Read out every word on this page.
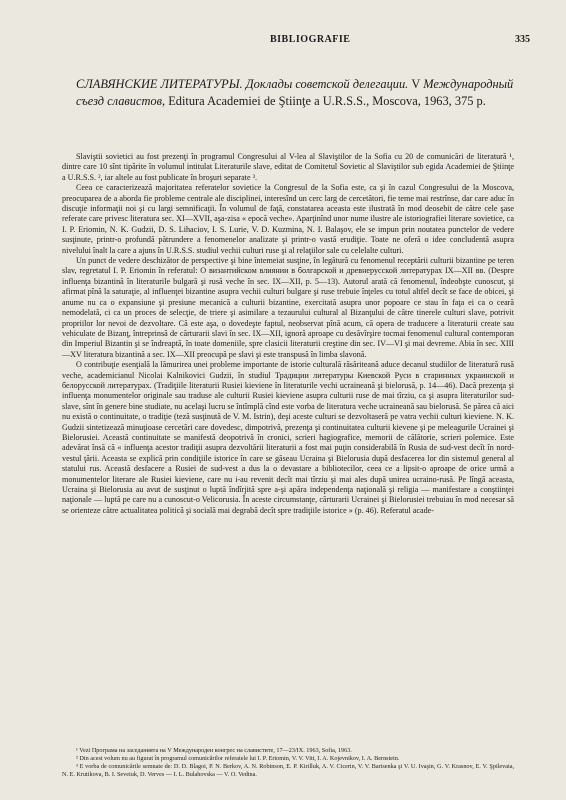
BIBLIOGRAFIE	335
СЛАВЯНСКИЕ ЛИТЕРАТУРЫ. Доклады советской делегации. V Международный съезд славистов, Editura Academiei de Ştiinţe a U.R.S.S., Moscova, 1963, 375 p.

Slaviştii sovietici au fost prezenţi în programul Congresului al V-lea al Slaviştilor de la Sofia cu 20 de comunicări de literatură ¹, dintre care 10 sînt tipărite în volumul intitulat Literaturile slave, editat de Comitetul Sovietic al Slaviştilor sub egida Academiei de Ştiinţe a U.R.S.S. ², iar altele au fost publicate în broşuri separate ³.

Ceea ce caracterizează majoritatea referatelor sovietice la Congresul de la Sofia este, ca şi în cazul Congresului de la Moscova, preocuparea de a aborda fie probleme centrale ale disciplinei, interesînd un cerc larg de cercetători, fie teme mai restrînse, dar care aduc în discuţie informaţii noi şi cu largi semnificaţii. În volumul de faţă, constatarea aceasta este ilustrată în mod deosebit de către cele şase referate care privesc literatura sec. XI—XVII, aşa-zisa « epocă veche». Aparţinînd unor nume ilustre ale istoriografiei literare sovietice, ca I. P. Eriomin, N. K. Gudzii, D. S. Lihaciov, I. S. Lurie, V. D. Kuzmina, N. I. Balaşov, ele se impun prin noutatea punctelor de vedere susţinute, printr-o profundă pătrundere a fenomenelor analizate şi printr-o vastă erudiţie. Toate ne oferă o idee concludentă asupra nivelului înalt la care a ajuns în U.R.S.S. studiul vechii culturi ruse şi al relaţiilor sale cu celelalte culturi.

Un punct de vedere deschizător de perspective şi bine întemeiat susţine, în legătură cu fenomenul receptării culturii bizantine pe teren slav, regretatul I. P. Eriomin în referatul: О византийском влиянии в болгарской и древнерусской литературах IX—XII вв. (Despre influenţa bizantină în literaturile bulgară şi rusă veche în sec. IX—XII, p. 5—13). Autorul arată că fenomenul, îndeobşte cunoscut, şi afirmat pînă la saturaţie, al influenţei bizantine asupra vechii culturi bulgare şi ruse trebuie înţeles cu totul altfel decît se face de obicei, şi anume nu ca o expansiune şi presiune mecanică a culturii bizantine, exercitată asupra unor popoare ce stau în faţa ei ca o ceară nemodelată, ci ca un proces de selecţie, de triere şi asimilare a tezaurului cultural al Bizanţului de către tinerele culturi slave, potrivit propriilor lor nevoi de dezvoltare. Că este aşa, o dovedeşte faptul, neobservat pînă acum, că opera de traducere a literaturii create sau vehiculate de Bizanţ, întreprinsă de cărturarii slavi în sec. IX—XII, ignoră aproape cu desăvîrşire tocmai fenomenul cultural contemporan din Imperiul Bizantin şi se îndreaptă, în toate domeniile, spre clasicii literaturii creştine din sec. IV—VI şi mai devreme. Abia în sec. XIII—XV literatura bizantină a sec. IX—XII preocupă pe slavi şi este transpusă în limba slavonă.

O contribuţie esenţială la lămurirea unei probleme importante de istorie culturală răsăriteană aduce decanul studiilor de literatură rusă veche, academicianul Nicolai Kalnikovici Gudzii, în studiul Традиции литературы Киевской Руси в старинных украинской и белорусской литературах. (Tradiţiile literaturii Rusiei kieviene în literaturile vechi ucraineană şi bielorusă, p. 14—46). Dacă prezenţa şi influenţa monumentelor originale sau traduse ale culturii Rusiei kieviene asupra culturii ruse de mai tîrziu, ca şi asupra literaturilor sud-slave, sînt în genere bine studiate, nu acelaşi lucru se întîmplă cînd este vorba de literatura veche ucraineană sau bielorusă. Se părea că aici nu există o continuitate, o tradiţie (teză susţinută de V. M. Istrin), deşi aceste culturi se dezvoltaseră pe vatra vechii culturi kieviene. N. K. Gudzii sintetizează minuţioase cercetări care dovedesc, dimpotrivă, prezenţa şi continuitatea culturii kievene şi pe meleagurile Ucrainei şi Bielorusiei. Această continuitate se manifestă deopotrivă în cronici, scrieri hagiografice, memorii de călătorie, scrieri polemice. Este adevărat însă că « influenţa acestor tradiţii asupra dezvoltării literaturii a fost mai puţin considerabilă în Rusia de sud-vest decît în nord-vestul ţării. Aceasta se explică prin condiţiile istorice în care se găseau Ucraina şi Bielorusia după desfacerea lor din sistemul general al statului rus. Această desfacere a Rusiei de sud-vest a dus la o devastare a bibliotecilor, ceea ce a lipsit-o aproape de orice urmă a monumentelor literare ale Rusiei kieviene, care nu i-au revenit decît mai tîrziu şi mai ales după unirea ucraino-rusă. Pe lîngă aceasta, Ucraina şi Bielorusia au avut de susţinut o luptă îndîrjită spre a-şi apăra independenţa naţională şi religia — manifestare a conştiinţei naţionale — luptă pe care nu a cunoscut-o Velicorusia. În aceste circumstanţe, cărturarii Ucrainei şi Bielorusiei trebuiau în mod necesar să se orienteze către actualitatea politică şi socială mai degrabă decît spre tradiţiile istorice » (p. 46). Referatul acade-

¹ Vezi Програма на заседанията на V Международен конгрес на славистите, 17—23/IX. 1963, Sofia, 1963.

² Din acest volum nu au figurat în programul comunicărilor referatele lui I. P. Eriomin, V. V. Vitt, I. A. Kojevnikov, I. A. Bernstein.

³ E vorba de comunicările semnate de: D. D. Blagoi, P. N. Berkov, A. N. Robinson, E. P. Kirilluk, A. V. Cicerin, V. V. Barisenka şi V. U. Ivaşin, G. V. Krasnov, E. V. Şpilevaia, N. E. Krutikova, B. I. Seveiuk, D. Verves — I. L. Bulahovska — V. O. Vedina.
